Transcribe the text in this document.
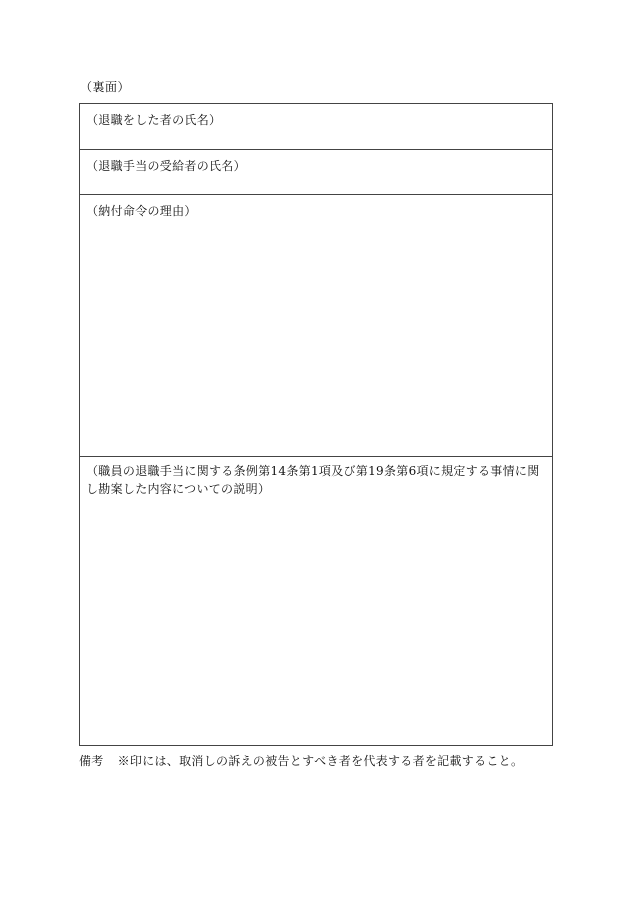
（裏面）
（退職をした者の氏名）
（退職手当の受給者の氏名）
（納付命令の理由）
（職員の退職手当に関する条例第14条第1項及び第19条第6項に規定する事情に関し勘案した内容についての説明）
備考 ※印には、取消しの訴えの被告とすべき者を代表する者を記載すること。
